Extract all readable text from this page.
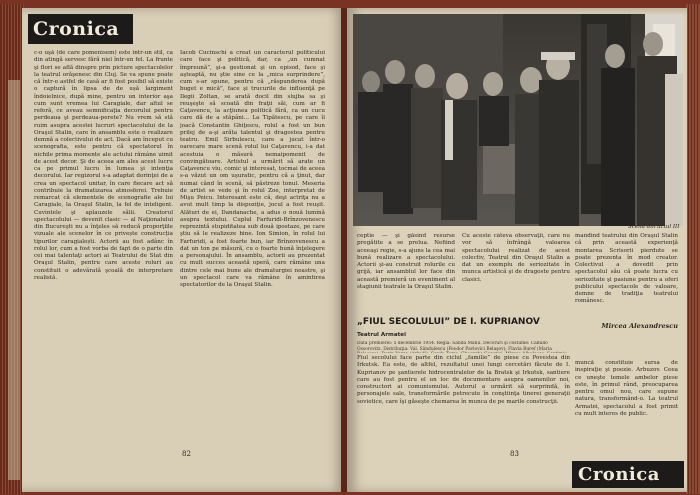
Cronica

c-o uşă (de care pomenisem) este într-un stil, ca din atingă servesc fără niel într-un fel. La frunte şi flori se află dinspre prin picture spectacolelor la teatrul orăşenesc din Cluj. Se va spune poate că într-o astfel de casă ar fi fost posibil să existe o captură în lipsa de de ușă largiment îndoielnice, după mine, pentru un interior aşa cum sunt vremea lui Caragiale, dar altul se referă, ce aveau semnificaţia decorului pentru perdeaua şi perdeaua-perete? Nu vrem să stă ruim asupra acestei lucruri spectacolului de la Oraşul Stalin, care în ansamblu este o realizare demnă a colectivului de act. Dacă am început cu scenografia, este pentru că spectatorul în nichile prima momente ale actului rămâne uimit de acest decor. Şi de aceea am ales acest lucru ca pe primul lucru în lumea şi intenţia decorului. Iar regizorul s-a adaptat dorinţei de a crea un spectacol unitar, în care fiecare act să contribuie la dramatizarea atmosferei. Trebuie remarcat că elementele de scenografie ale lui Caragiale, la Oraşul Stalin, la fel de inteligent. Cuvintele şi aplauzele sălii. Creatorul spectacolului — devenit clasic — al Naţionalului din Bucureşti nu a înţeles să reducă proporţiile vizuale ale scenelor în ce privește construcția tipurilor caragialești. Actorii au fost adânc în rolul lor, cum a fost vorba de fapt de o parte din cei mai talentaţi actori ai Teatrului de Stat din Oraşul Stalin, pentru care aceste roluri au constituit o adevărată şcoală de interpretare realistă.

Iacob Cucinschi a creat un caracterul politicului care face şi politică, dar, ca „un cumnat împreună”, şi-a gestionat şi un episod, face şi aşteaptă, nu ştie sine ce la „mica surprindere”, cum s-ar spune, pentru că „răspunderea după buget e mică”, face şi trucurile de influenţă pe Ilegii Zoltan, se arată docil din slujba sa şi reuşeşte să scoată din fraţii săi, cum ar fi Caţavencu, la acţiunea politică fără, ca un cucu care dă de a stăpâni... La Tipătescu, pe care îl joacă Constantin Ghiţescu, rolul a fost un bun prilej de a-şi arăta talentul şi dragostea pentru teatru. Emil Sirbulescu, care a jucat într-o oarecare mare scenă rolul lui Caţavencu, i-a dat acestuia o măsură nemaipomenit de convingătoare. Artistul a urmărit să arate un Caţavencu viu, comic şi interesat, tocmai de aceea s-a văzut un om uşuratic, pentru că a ţinut, dar numai când în scenă, să păstreze tonul. Meseria de artist se vede şi în rolul Zoe, interpretat de Mişu Peicu. Interesant este că, deşi actriţa nu a avut mult timp la dispoziţie, jocul a fost reuşit. Alături de ei, Dandanache, a adus o nouă lumină asupra textului. Cuplul Farfuridi-Brînzovenescu reprezintă stupiditatea sub două ipostaze, pe care ştiu să le realizeze bine. Ion Simion, în rolul lui Farfuridi, a fost foarte bun, iar Brînzovenescu a dat un ton pe măsură, cu o foarte bună înţelegere a personajului. În ansamblu, actorii au prezentat cu mult succes această operă, care rămâne una dintre cele mai bune ale dramaturgiei noastre, şi un spectacol care va rămâne în amintirea spectatorilor de la Oraşul Stalin.

82
Scenă din actul III

ceptie — şi găsind resurse pregătite a se prelua. Nefiind aceeaşi regie, s-a ajuns la cea mai bună realizare a spectacolului. Actorii şi-au construit rolurile cu grijă, iar ansamblul lor face din această premieră un eveniment al stagiunii teatrale la Oraşul Stalin.

Cu aceste câteva observaţii, care nu vor să înfrângă valoarea spectacolului realizat de acest colectiv, Teatrul din Oraşul Stalin a dat un exemplu de seriozitate în munca artistică şi de dragoste pentru clasici.

mandind teatrului din Oraşul Stalin că prin această experienţă montarea Scrisorii pierdute se poate prezenta în mod creator. Colectivul a dovedit prin spectacolul său că poate lucra cu seriozitate şi pasiune pentru a oferi publicului spectacole de valoare, demne de tradiţia teatrului românesc.

Mircea Alexandrescu
„FIUL SECOLULUI” DE I. KUPRIANOV
Teatrul Armatei
Data premierei: 5 decembrie 1954. Regia: Sanda Manu. Decoruri şi costume: Camillo Ossorovitz. Distribuţia: Val. Săndulescu (Feodor Pavlovici Belaşov); Flavia Buref (Maria

Fiul secolului face parte din ciclul „familie” de piese cu Povestea din Irkutsk. Ea este, de altfel, rezultatul unei lungi cercetări făcute de I. Kuprianov pe şantierele hidrocentralelor de la Bratsk şi Irkutsk, santiere care au fost pentru el un loc de documentare asupra oamenilor noi, constructori ai comunismului. Autorul a urmărit să surprindă, în personajele sale, transformările petrecute în conştiinţa tinerei generaţii sovietice, care îşi găseşte chemarea în munca de pe marile construcţii.

muncă constituie sursa de inspiraţie şi poezie. Arbuzov. Ceea ce uneşte temele ambelor piese este, în primul rând, preocuparea pentru omul nou, care supune natura, transformând-o. La teatrul Armatei, spectacolul a fost primit cu mult interes de public.

83
Cronica
